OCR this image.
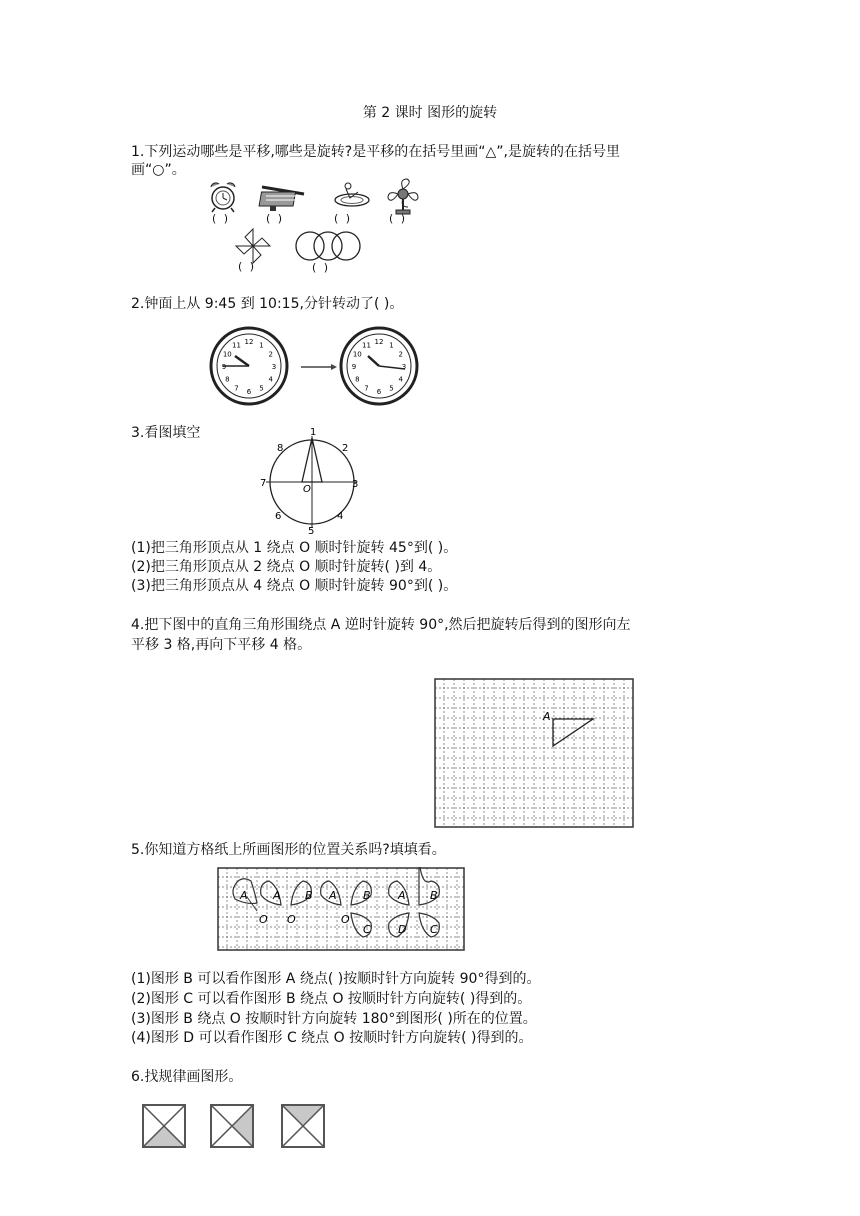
第 2 课时 图形的旋转
1.下列运动哪些是平移,哪些是旋转?是平移的在括号里画“△”,是旋转的在括号里
画“○”。
( )	( )	( )	( )
( )	( )
2.钟面上从 9:45 到 10:15,分针转动了( )。
12 1
2
3
4
5
6
7
8
9
10
11	12 1
2
3
4
5
6
7
8
9
10
11
3.看图填空	1
2
3
4
5
6
7
8
O
(1)把三角形顶点从 1 绕点 O 顺时针旋转 45°到( )。
(2)把三角形顶点从 2 绕点 O 顺时针旋转( )到 4。
(3)把三角形顶点从 4 绕点 O 顺时针旋转 90°到( )。
4.把下图中的直角三角形围绕点 A 逆时针旋转 90°,然后把旋转后得到的图形向左
平移 3 格,再向下平移 4 格。
A
5.你知道方格纸上所画图形的位置关系吗?填填看。
A
O
A B
O
A B
O
C
A B
D C
(1)图形 B 可以看作图形 A 绕点( )按顺时针方向旋转 90°得到的。
(2)图形 C 可以看作图形 B 绕点 O 按顺时针方向旋转( )得到的。
(3)图形 B 绕点 O 按顺时针方向旋转 180°到图形( )所在的位置。
(4)图形 D 可以看作图形 C 绕点 O 按顺时针方向旋转( )得到的。
6.找规律画图形。
